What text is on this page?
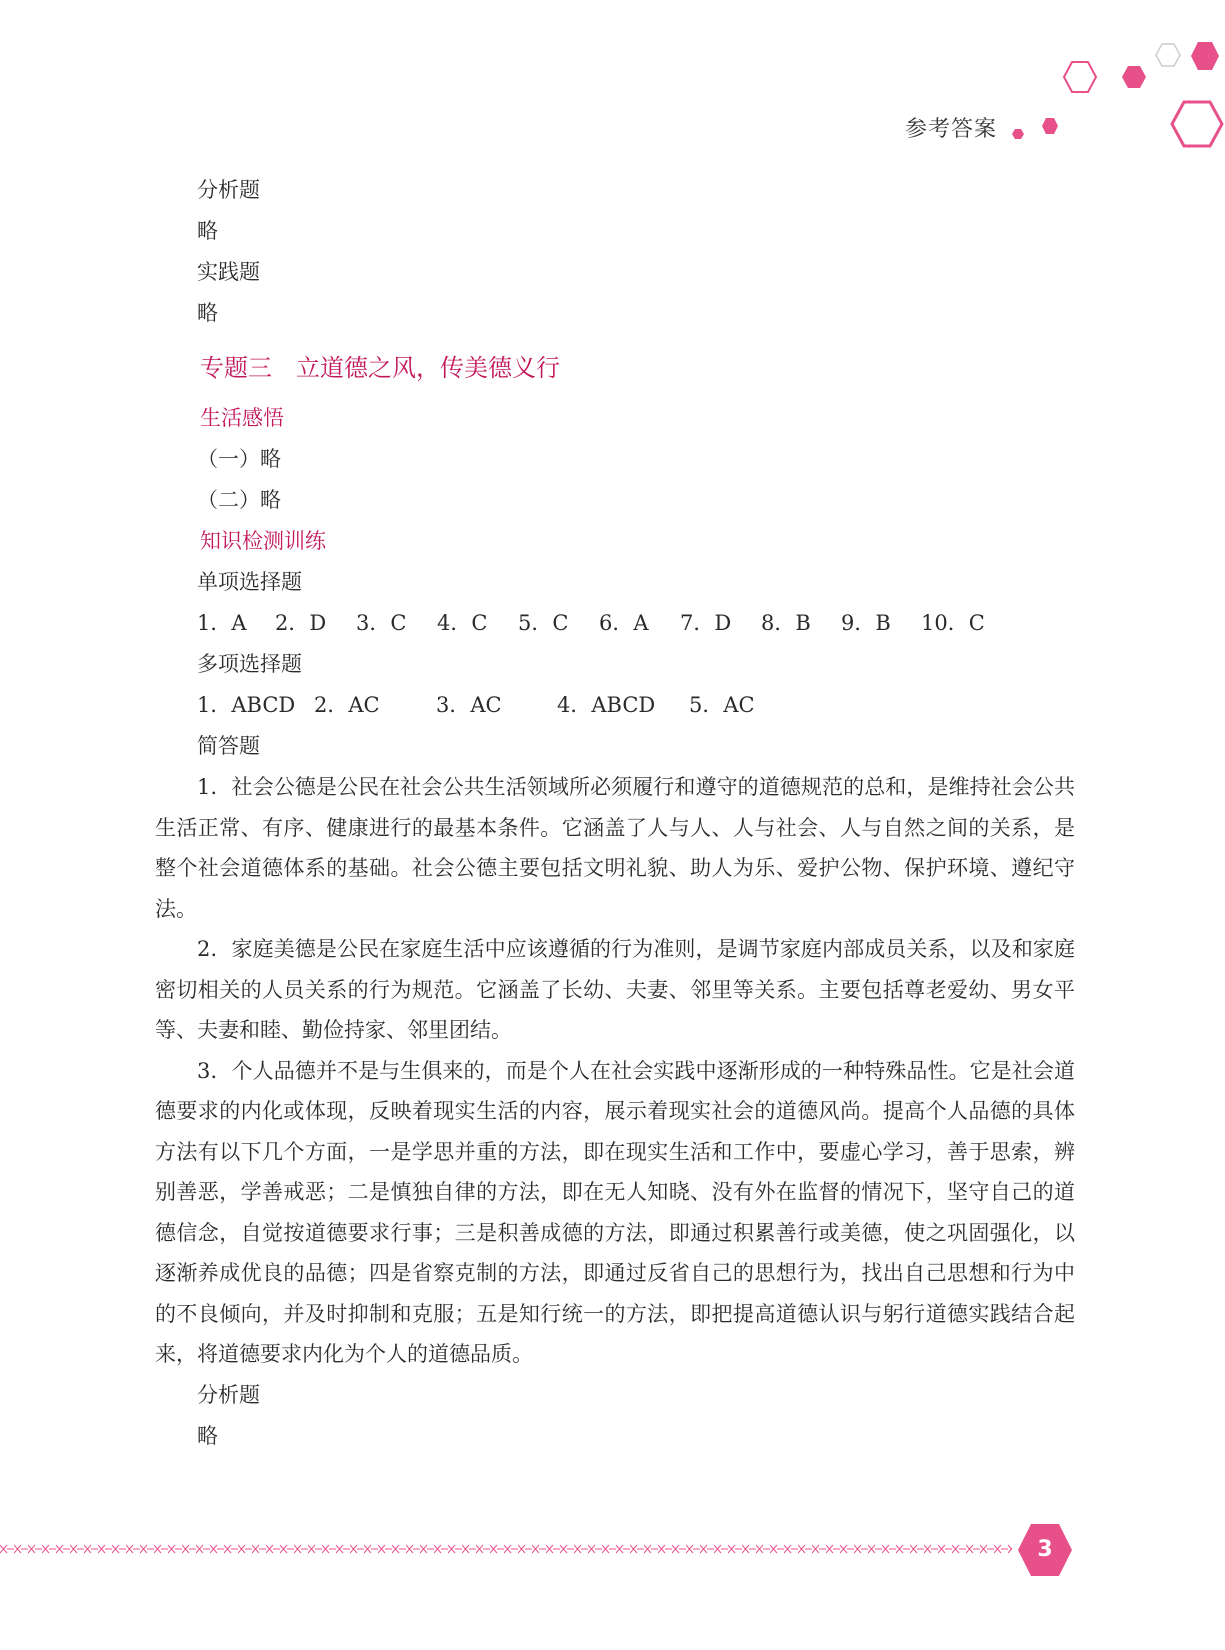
参考答案
分析题
略
实践题
略
专题三　立道德之风，传美德义行
生活感悟
（一）略
（二）略
知识检测训练
单项选择题
1．A	2．D	3．C	4．C	5．C	6．A	7．D	8．B	9．B	10．C
多项选择题
1．ABCD 2．AC	3．AC	4．ABCD	5．AC
简答题

1．社会公德是公民在社会公共生活领域所必须履行和遵守的道德规范的总和，是维持社会公共生活正常、有序、健康进行的最基本条件。它涵盖了人与人、人与社会、人与自然之间的关系，是整个社会道德体系的基础。社会公德主要包括文明礼貌、助人为乐、爱护公物、保护环境、遵纪守法。

2．家庭美德是公民在家庭生活中应该遵循的行为准则，是调节家庭内部成员关系，以及和家庭密切相关的人员关系的行为规范。它涵盖了长幼、夫妻、邻里等关系。主要包括尊老爱幼、男女平等、夫妻和睦、勤俭持家、邻里团结。

3．个人品德并不是与生俱来的，而是个人在社会实践中逐渐形成的一种特殊品性。它是社会道德要求的内化或体现，反映着现实生活的内容，展示着现实社会的道德风尚。提高个人品德的具体方法有以下几个方面，一是学思并重的方法，即在现实生活和工作中，要虚心学习，善于思索，辨别善恶，学善戒恶；二是慎独自律的方法，即在无人知晓、没有外在监督的情况下，坚守自己的道德信念，自觉按道德要求行事；三是积善成德的方法，即通过积累善行或美德，使之巩固强化，以逐渐养成优良的品德；四是省察克制的方法，即通过反省自己的思想行为，找出自己思想和行为中的不良倾向，并及时抑制和克服；五是知行统一的方法，即把提高道德认识与躬行道德实践结合起来，将道德要求内化为个人的道德品质。

分析题
略
3
